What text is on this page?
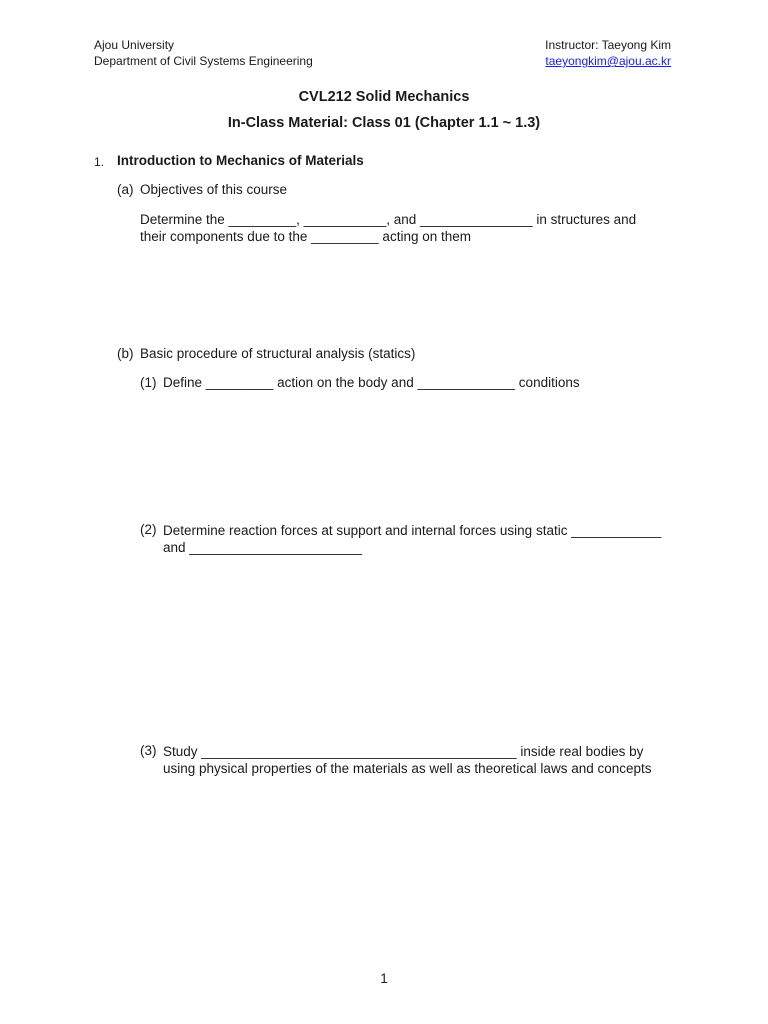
Ajou University
Department of Civil Systems Engineering
Instructor: Taeyong Kim
taeyongkim@ajou.ac.kr
CVL212 Solid Mechanics
In-Class Material: Class 01 (Chapter 1.1 ~ 1.3)
1. Introduction to Mechanics of Materials
(a) Objectives of this course
Determine the _________, ___________, and _______________ in structures and
their components due to the _________ acting on them
(b) Basic procedure of structural analysis (statics)
(1) Define _________ action on the body and _____________ conditions
(2) Determine reaction forces at support and internal forces using static ____________
and _______________________
(3) Study __________________________________________ inside real bodies by
using physical properties of the materials as well as theoretical laws and concepts
1
